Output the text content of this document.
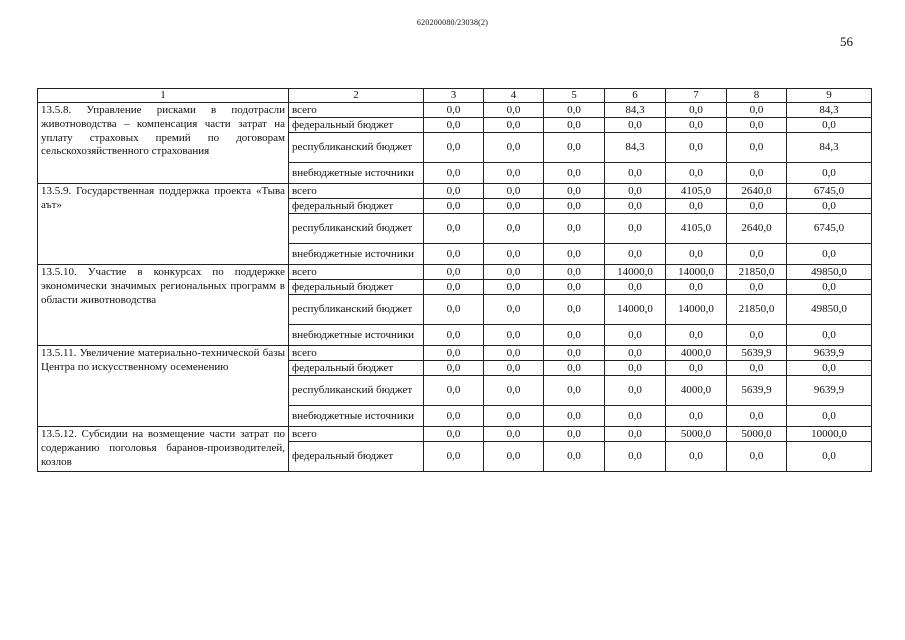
620200080/23038(2)
56
1	2	3	4	5	6	7	8	9
13.5.8. Управление рисками в подотрасли животноводства – компенсация части затрат на уплату страховых премий по договорам сельскохозяйственного страхования	всего	0,0	0,0	0,0	84,3	0,0	0,0	84,3
	федеральный бюджет	0,0	0,0	0,0	0,0	0,0	0,0	0,0
	республиканский бюджет	0,0	0,0	0,0	84,3	0,0	0,0	84,3
	внебюджетные источники	0,0	0,0	0,0	0,0	0,0	0,0	0,0
13.5.9. Государственная поддержка проекта «Тыва аът»	всего	0,0	0,0	0,0	0,0	4105,0	2640,0	6745,0
	федеральный бюджет	0,0	0,0	0,0	0,0	0,0	0,0	0,0
	республиканский бюджет	0,0	0,0	0,0	0,0	4105,0	2640,0	6745,0
	внебюджетные источники	0,0	0,0	0,0	0,0	0,0	0,0	0,0
13.5.10. Участие в конкурсах по поддержке экономически значимых региональных программ в области животноводства	всего	0,0	0,0	0,0	14000,0	14000,0	21850,0	49850,0
	федеральный бюджет	0,0	0,0	0,0	0,0	0,0	0,0	0,0
	республиканский бюджет	0,0	0,0	0,0	14000,0	14000,0	21850,0	49850,0
	внебюджетные источники	0,0	0,0	0,0	0,0	0,0	0,0	0,0
13.5.11. Увеличение материально-технической базы Центра по искусственному осеменению	всего	0,0	0,0	0,0	0,0	4000,0	5639,9	9639,9
	федеральный бюджет	0,0	0,0	0,0	0,0	0,0	0,0	0,0
	республиканский бюджет	0,0	0,0	0,0	0,0	4000,0	5639,9	9639,9
	внебюджетные источники	0,0	0,0	0,0	0,0	0,0	0,0	0,0
13.5.12. Субсидии на возмещение части затрат по содержанию поголовья баранов-производителей, козлов	всего	0,0	0,0	0,0	0,0	5000,0	5000,0	10000,0
	федеральный бюджет	0,0	0,0	0,0	0,0	0,0	0,0	0,0
